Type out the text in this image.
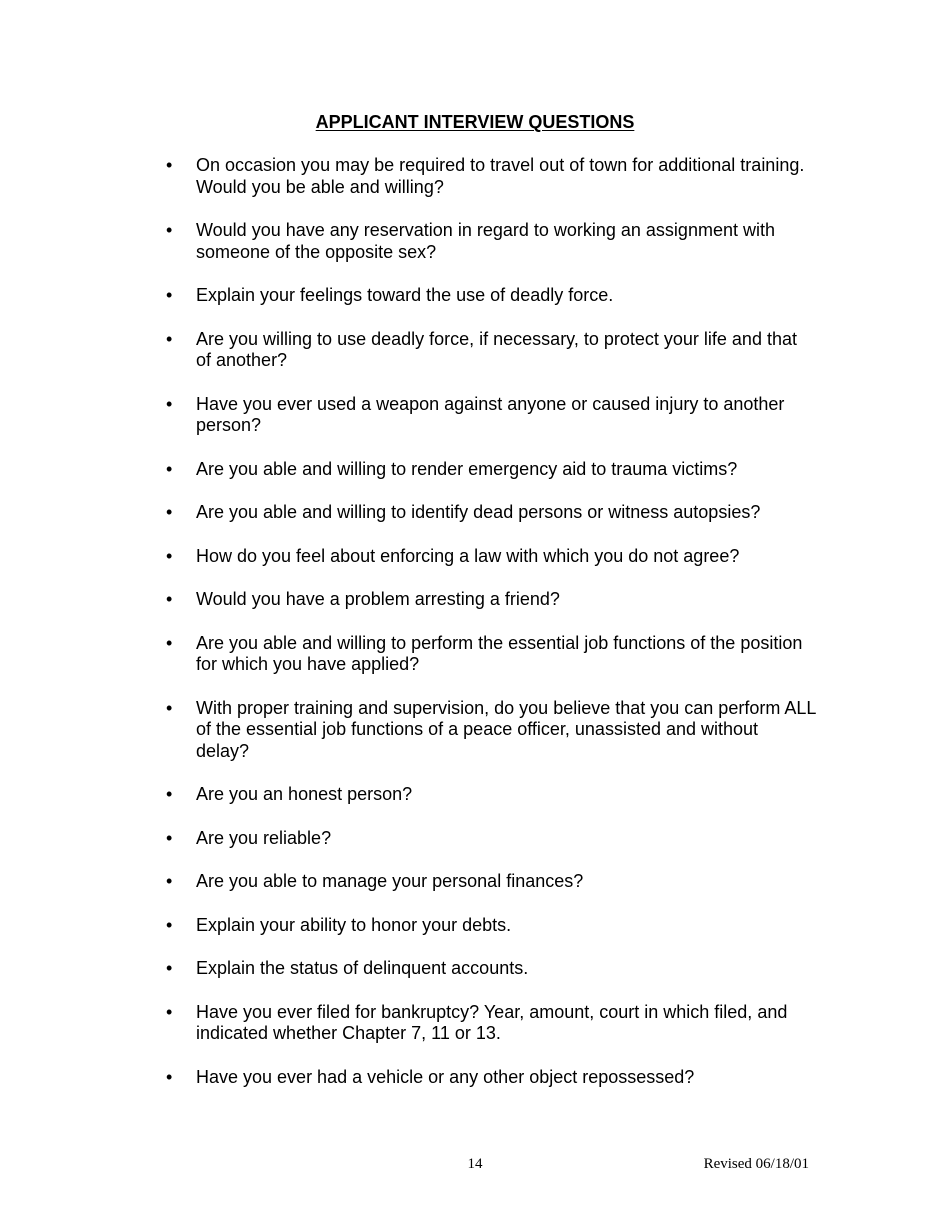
APPLICANT INTERVIEW QUESTIONS
•	On occasion you may be required to travel out of town for additional training. Would you be able and willing?
•	Would you have any reservation in regard to working an assignment with someone of the opposite sex?
•	Explain your feelings toward the use of deadly force.
•	Are you willing to use deadly force, if necessary, to protect your life and that of another?
•	Have you ever used a weapon against anyone or caused injury to another person?
•	Are you able and willing to render emergency aid to trauma victims?
•	Are you able and willing to identify dead persons or witness autopsies?
•	How do you feel about enforcing a law with which you do not agree?
•	Would you have a problem arresting a friend?
•	Are you able and willing to perform the essential job functions of the position for which you have applied?
•	With proper training and supervision, do you believe that you can perform ALL of the essential job functions of a peace officer, unassisted and without delay?
•	Are you an honest person?
•	Are you reliable?
•	Are you able to manage your personal finances?
•	Explain your ability to honor your debts.
•	Explain the status of delinquent accounts.
•	Have you ever filed for bankruptcy? Year, amount, court in which filed, and indicated whether Chapter 7, 11 or 13.
•	Have you ever had a vehicle or any other object repossessed?
14	Revised 06/18/01
